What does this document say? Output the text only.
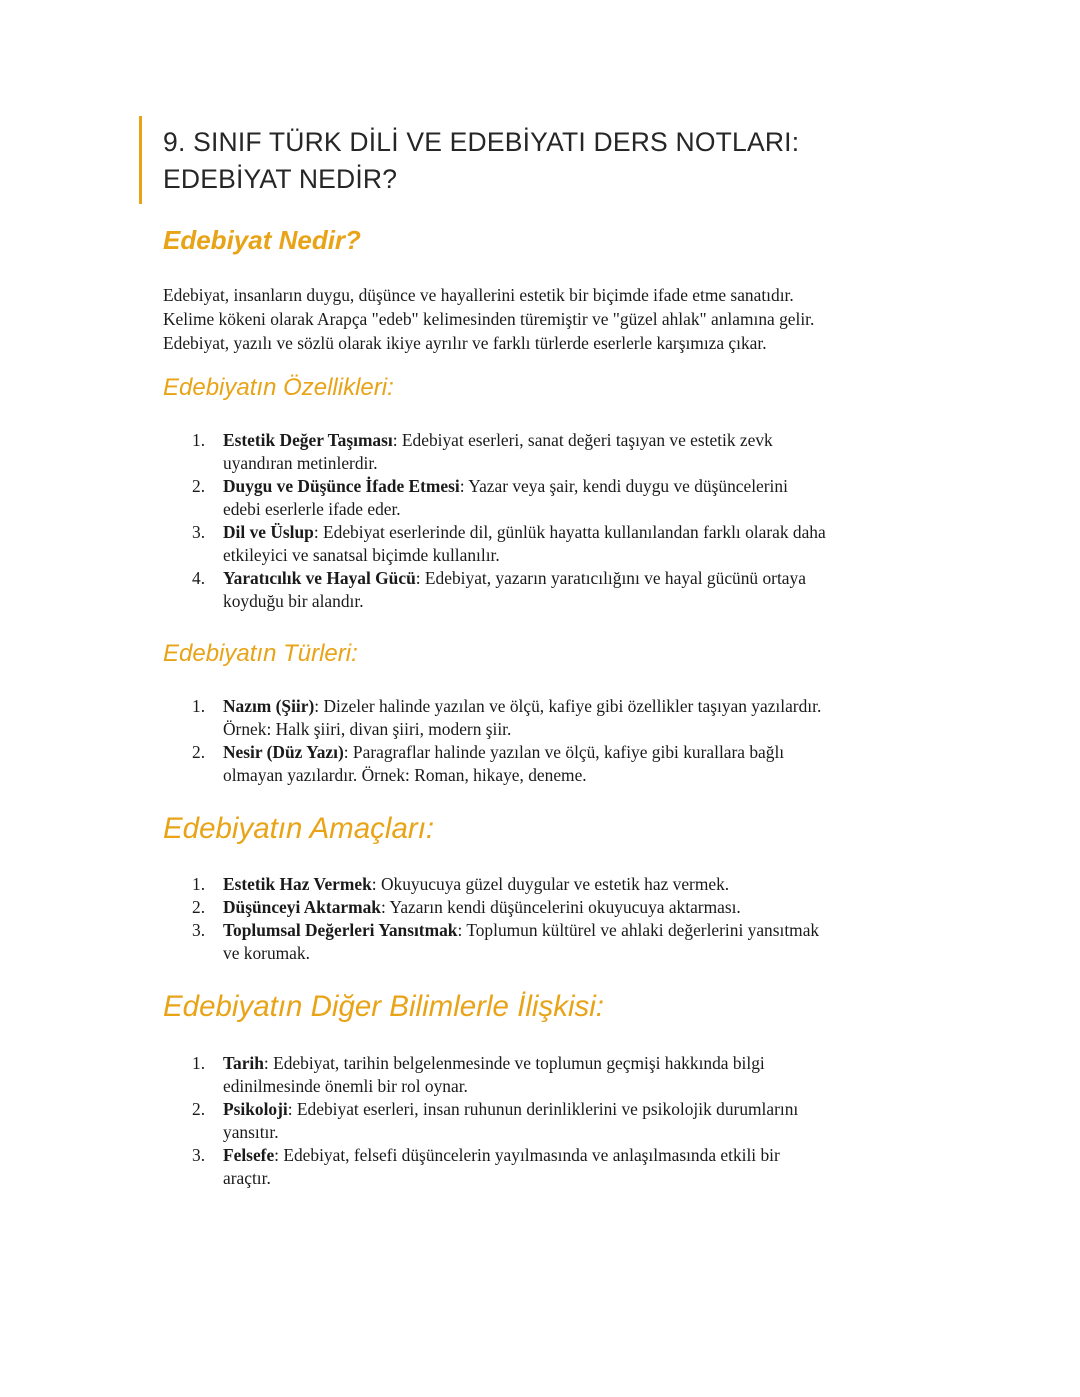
9. SINIF TÜRK DİLİ VE EDEBİYATI DERS NOTLARI:
EDEBİYAT NEDİR?
Edebiyat Nedir?

Edebiyat, insanların duygu, düşünce ve hayallerini estetik bir biçimde ifade etme sanatıdır.
Kelime kökeni olarak Arapça "edeb" kelimesinden türemiştir ve "güzel ahlak" anlamına gelir.
Edebiyat, yazılı ve sözlü olarak ikiye ayrılır ve farklı türlerde eserlerle karşımıza çıkar.

Edebiyatın Özellikleri:
1. Estetik Değer Taşıması: Edebiyat eserleri, sanat değeri taşıyan ve estetik zevk
uyandıran metinlerdir.
2. Duygu ve Düşünce İfade Etmesi: Yazar veya şair, kendi duygu ve düşüncelerini
edebi eserlerle ifade eder.
3. Dil ve Üslup: Edebiyat eserlerinde dil, günlük hayatta kullanılandan farklı olarak daha
etkileyici ve sanatsal biçimde kullanılır.
4. Yaratıcılık ve Hayal Gücü: Edebiyat, yazarın yaratıcılığını ve hayal gücünü ortaya
koyduğu bir alandır.
Edebiyatın Türleri:
1. Nazım (Şiir): Dizeler halinde yazılan ve ölçü, kafiye gibi özellikler taşıyan yazılardır.
Örnek: Halk şiiri, divan şiiri, modern şiir.
2. Nesir (Düz Yazı): Paragraflar halinde yazılan ve ölçü, kafiye gibi kurallara bağlı
olmayan yazılardır. Örnek: Roman, hikaye, deneme.
Edebiyatın Amaçları:
1. Estetik Haz Vermek: Okuyucuya güzel duygular ve estetik haz vermek.
2. Düşünceyi Aktarmak: Yazarın kendi düşüncelerini okuyucuya aktarması.
3. Toplumsal Değerleri Yansıtmak: Toplumun kültürel ve ahlaki değerlerini yansıtmak
ve korumak.
Edebiyatın Diğer Bilimlerle İlişkisi:
1. Tarih: Edebiyat, tarihin belgelenmesinde ve toplumun geçmişi hakkında bilgi
edinilmesinde önemli bir rol oynar.
2. Psikoloji: Edebiyat eserleri, insan ruhunun derinliklerini ve psikolojik durumlarını
yansıtır.
3. Felsefe: Edebiyat, felsefi düşüncelerin yayılmasında ve anlaşılmasında etkili bir
araçtır.
